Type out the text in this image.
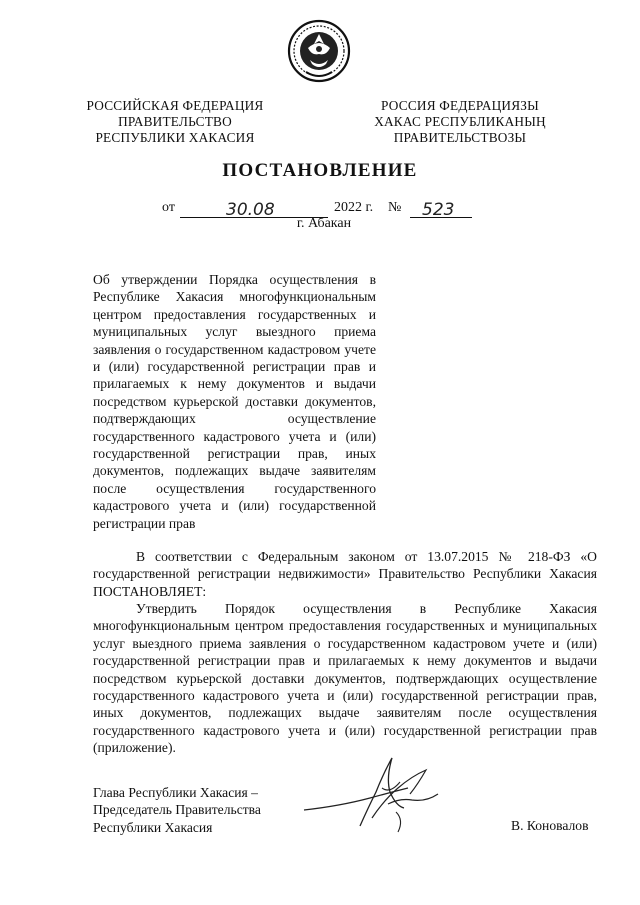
РОССИЙСКАЯ ФЕДЕРАЦИЯ
ПРАВИТЕЛЬСТВО
РЕСПУБЛИКИ ХАКАСИЯ
РОССИЯ ФЕДЕРАЦИЯЗЫ
ХАКАС РЕСПУБЛИКАНЫҢ
ПРАВИТЕЛЬСТВОЗЫ
ПОСТАНОВЛЕНИЕ
от	30.08	2022 г. № 523
г. Абакан
Об утверждении Порядка осуществления в Республике Хакасия многофункциональным центром предоставления государственных и муниципальных услуг выездного приема заявления о государственном кадастровом учете и (или) государственной регистрации прав и прилагаемых к нему документов и выдачи посредством курьерской доставки документов, подтверждающих осуществление государственного кадастрового учета и (или) государственной регистрации прав, иных документов, подлежащих выдаче заявителям после осуществления государственного кадастрового учета и (или) государственной регистрации прав
В соответствии с Федеральным законом от 13.07.2015 № 218-ФЗ «О государственной регистрации недвижимости» Правительство Республики Хакасия ПОСТАНОВЛЯЕТ:
Утвердить Порядок осуществления в Республике Хакасия многофункциональным центром предоставления государственных и муниципальных услуг выездного приема заявления о государственном кадастровом учете и (или) государственной регистрации прав и прилагаемых к нему документов и выдачи посредством курьерской доставки документов, подтверждающих осуществление государственного кадастрового учета и (или) государственной регистрации прав, иных документов, подлежащих выдаче заявителям после осуществления государственного кадастрового учета и (или) государственной регистрации прав (приложение).
Глава Республики Хакасия –
Председатель Правительства
Республики Хакасия	В. Коновалов
